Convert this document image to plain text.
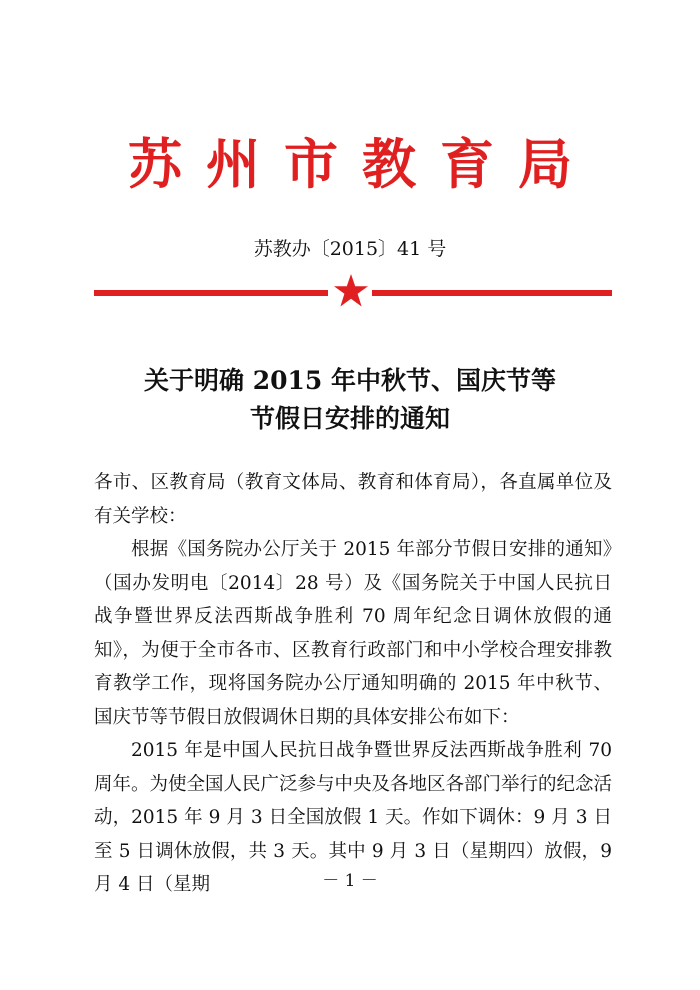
苏州市教育局
苏教办〔2015〕41 号
关于明确 2015 年中秋节、国庆节等
节假日安排的通知

各市、区教育局（教育文体局、教育和体育局），各直属单位及有关学校：

根据《国务院办公厅关于 2015 年部分节假日安排的通知》（国办发明电〔2014〕28 号）及《国务院关于中国人民抗日战争暨世界反法西斯战争胜利 70 周年纪念日调休放假的通知》，为便于全市各市、区教育行政部门和中小学校合理安排教育教学工作，现将国务院办公厅通知明确的 2015 年中秋节、国庆节等节假日放假调休日期的具体安排公布如下：

2015 年是中国人民抗日战争暨世界反法西斯战争胜利 70 周年。为使全国人民广泛参与中央及各地区各部门举行的纪念活动，2015 年 9 月 3 日全国放假 1 天。作如下调休：9 月 3 日至 5 日调休放假，共 3 天。其中 9 月 3 日（星期四）放假，9 月 4 日（星期	－ 1 －
